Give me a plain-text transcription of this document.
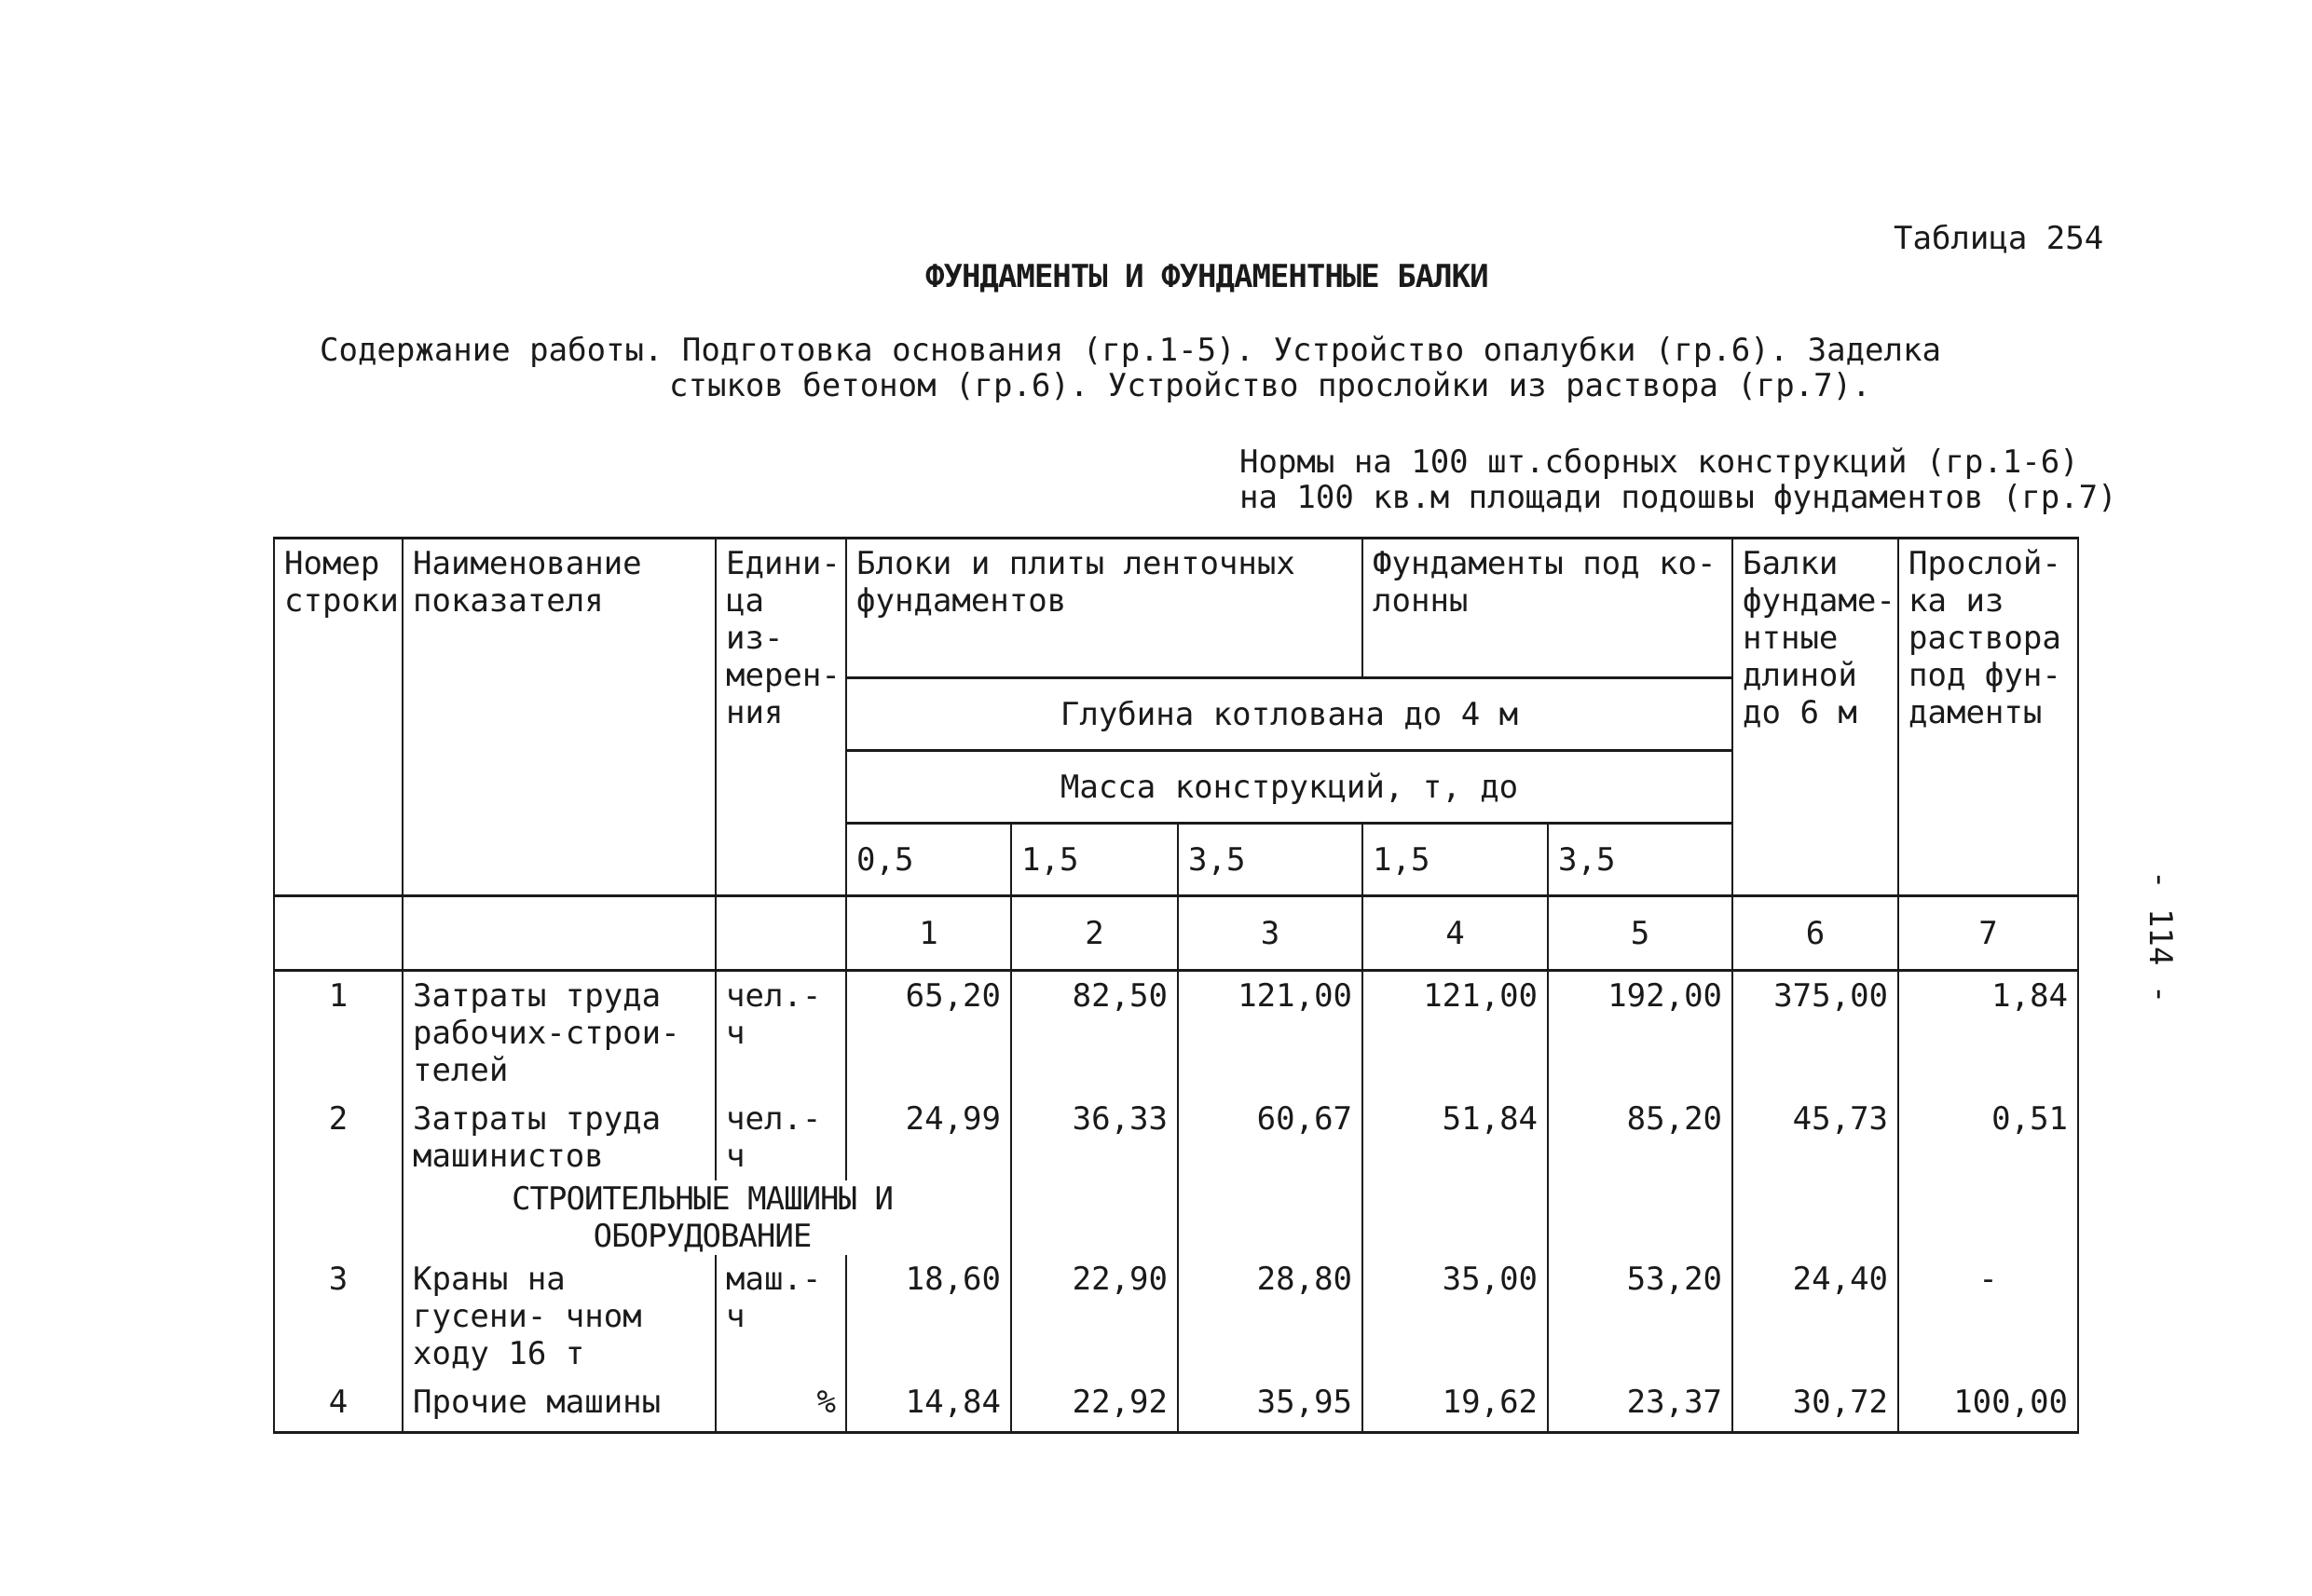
Таблица 254
ФУНДАМЕНТЫ И ФУНДАМЕНТНЫЕ БАЛКИ
Содержание работы. Подготовка основания (гр.1-5). Устройство опалубки (гр.6). Заделка
стыков бетоном (гр.6). Устройство прослойки из раствора (гр.7).
Нормы на 100 шт.сборных конструкций (гр.1-6)
на 100 кв.м площади подошвы фундаментов (гр.7)
- 114 -
Номер строки	Наименование показателя	Едини- ца из- мерен- ния	Блоки и плиты ленточных фундаментов			Фундаменты под ко- лонны		Балки фундаме- нтные длиной до 6 м	Прослой- ка из раствора под фун- даменты
			Глубина котлована до 4 м						
			Масса конструкций, т, до						
			0,5	1,5	3,5	1,5	3,5		
			1	2	3	4	5	6	7
1	Затраты труда рабочих-строи- телей	чел.-ч	65,20	82,50	121,00	121,00	192,00	375,00	1,84
2	Затраты труда машинистов	чел.-ч	24,99	36,33	60,67	51,84	85,20	45,73	0,51
	СТРОИТЕЛЬНЫЕ МАШИНЫ И ОБОРУДОВАНИЕ								
3	Краны на гусени- чном ходу 16 т	маш.-ч	18,60	22,90	28,80	35,00	53,20	24,40	-
4	Прочие машины	%	14,84	22,92	35,95	19,62	23,37	30,72	100,00
